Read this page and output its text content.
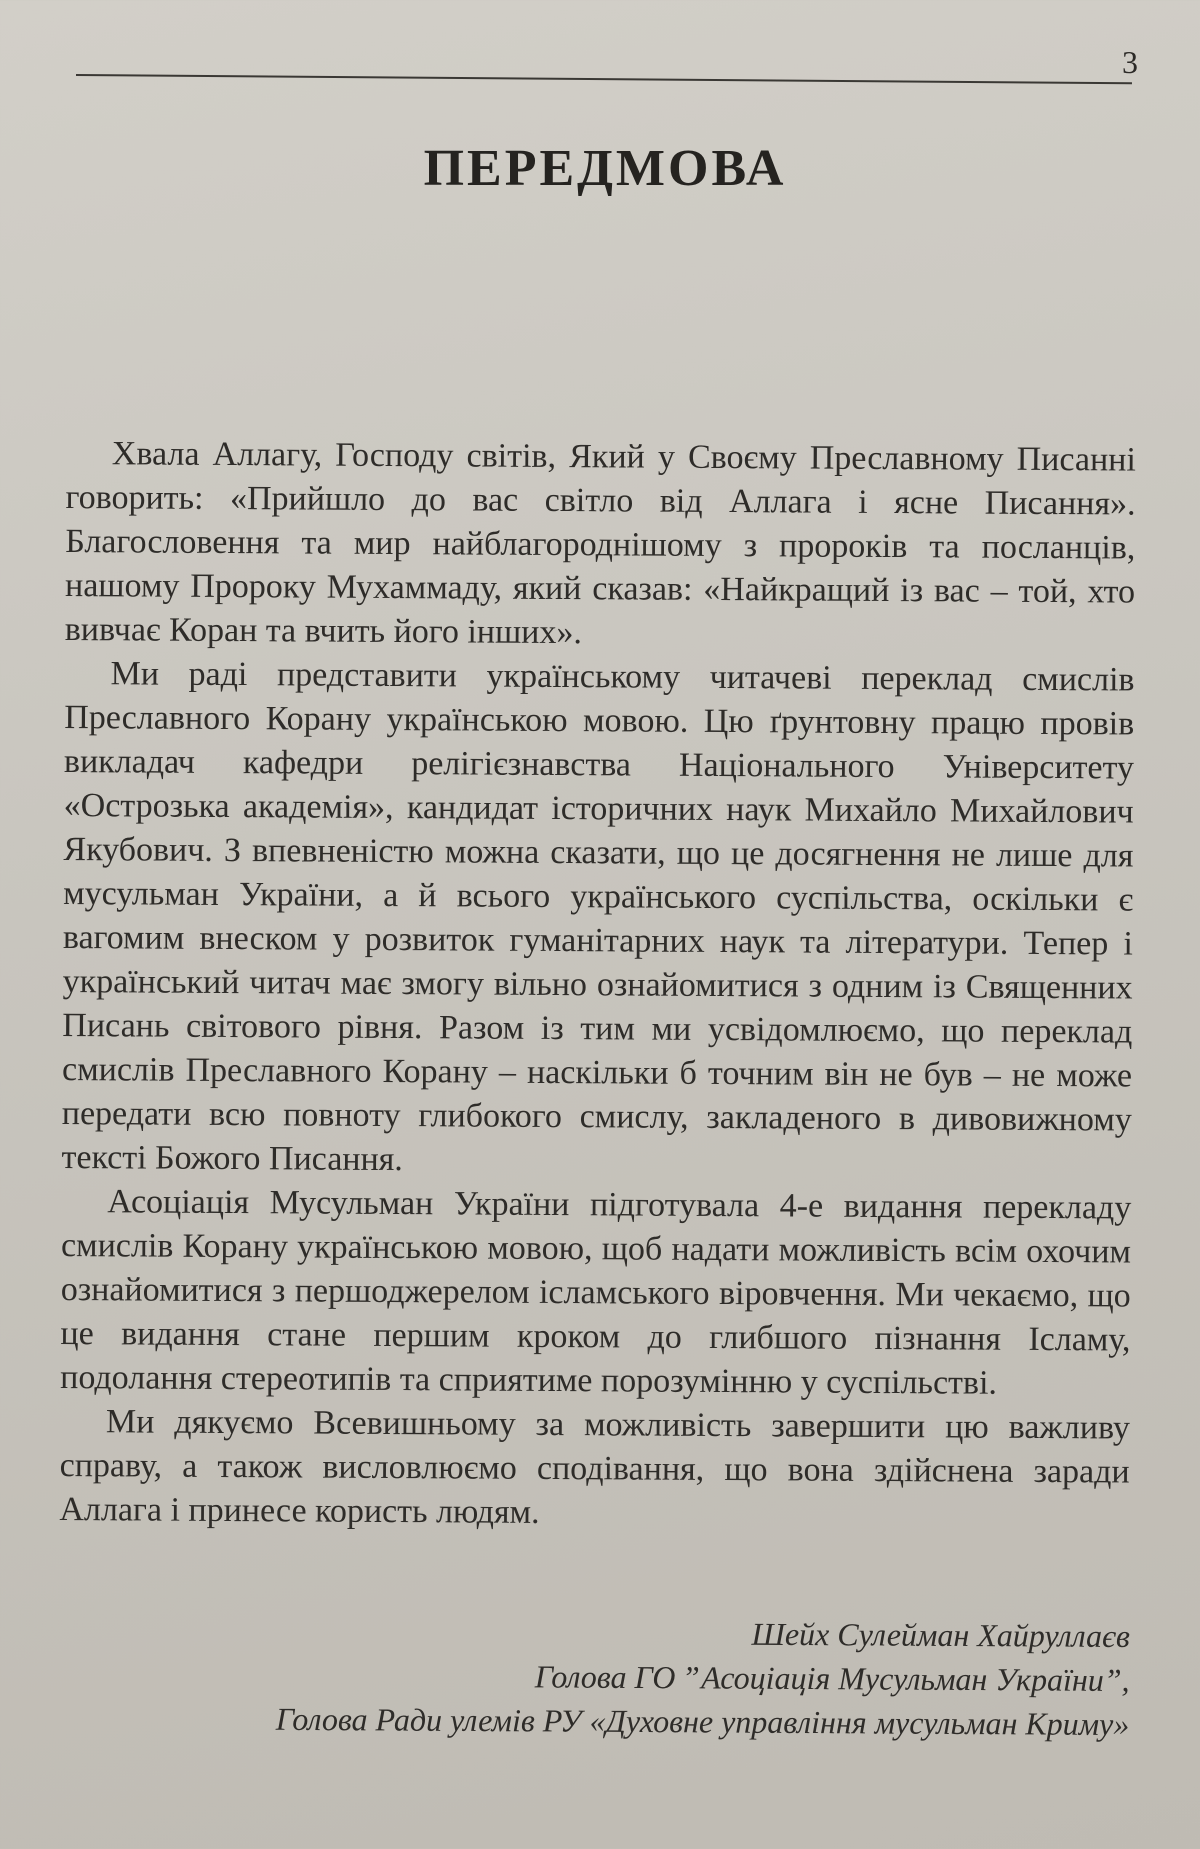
3
ПЕРЕДМОВА

Хвала Аллагу, Господу світів, Який у Своєму Преславному Писанні говорить: «Прийшло до вас світло від Аллага і ясне Писання». Благословення та мир найблагороднішому з пророків та посланців, нашому Пророку Мухаммаду, який сказав: «Найкращий із вас – той, хто вивчає Коран та вчить його інших».

Ми раді представити українському читачеві переклад смислів Преславного Корану українською мовою. Цю ґрунтовну працю провів викладач кафедри релігієзнавства Національного Університету «Острозька академія», кандидат історичних наук Михайло Михайлович Якубович. З впевненістю можна сказати, що це досягнення не лише для мусульман України, а й всього українського суспільства, оскільки є вагомим внеском у розвиток гуманітарних наук та літератури. Тепер і український читач має змогу вільно ознайомитися з одним із Священних Писань світового рівня. Разом із тим ми усвідомлюємо, що переклад смислів Преславного Корану – наскільки б точним він не був – не може передати всю повноту глибокого смислу, закладеного в дивовижному тексті Божого Писання.

Асоціація Мусульман України підготувала 4-е видання перекладу смислів Корану українською мовою, щоб надати можливість всім охочим ознайомитися з першоджерелом ісламського віровчення. Ми чекаємо, що це видання стане першим кроком до глибшого пізнання Ісламу, подолання стереотипів та сприятиме порозумінню у суспільстві.

Ми дякуємо Всевишньому за можливість завершити цю важливу справу, а також висловлюємо сподівання, що вона здійснена заради Аллага і принесе користь людям.

Шейх Сулейман Хайруллаєв
Голова ГО ˮАсоціація Мусульман України”,
Голова Ради улемів РУ «Духовне управління мусульман Криму»
